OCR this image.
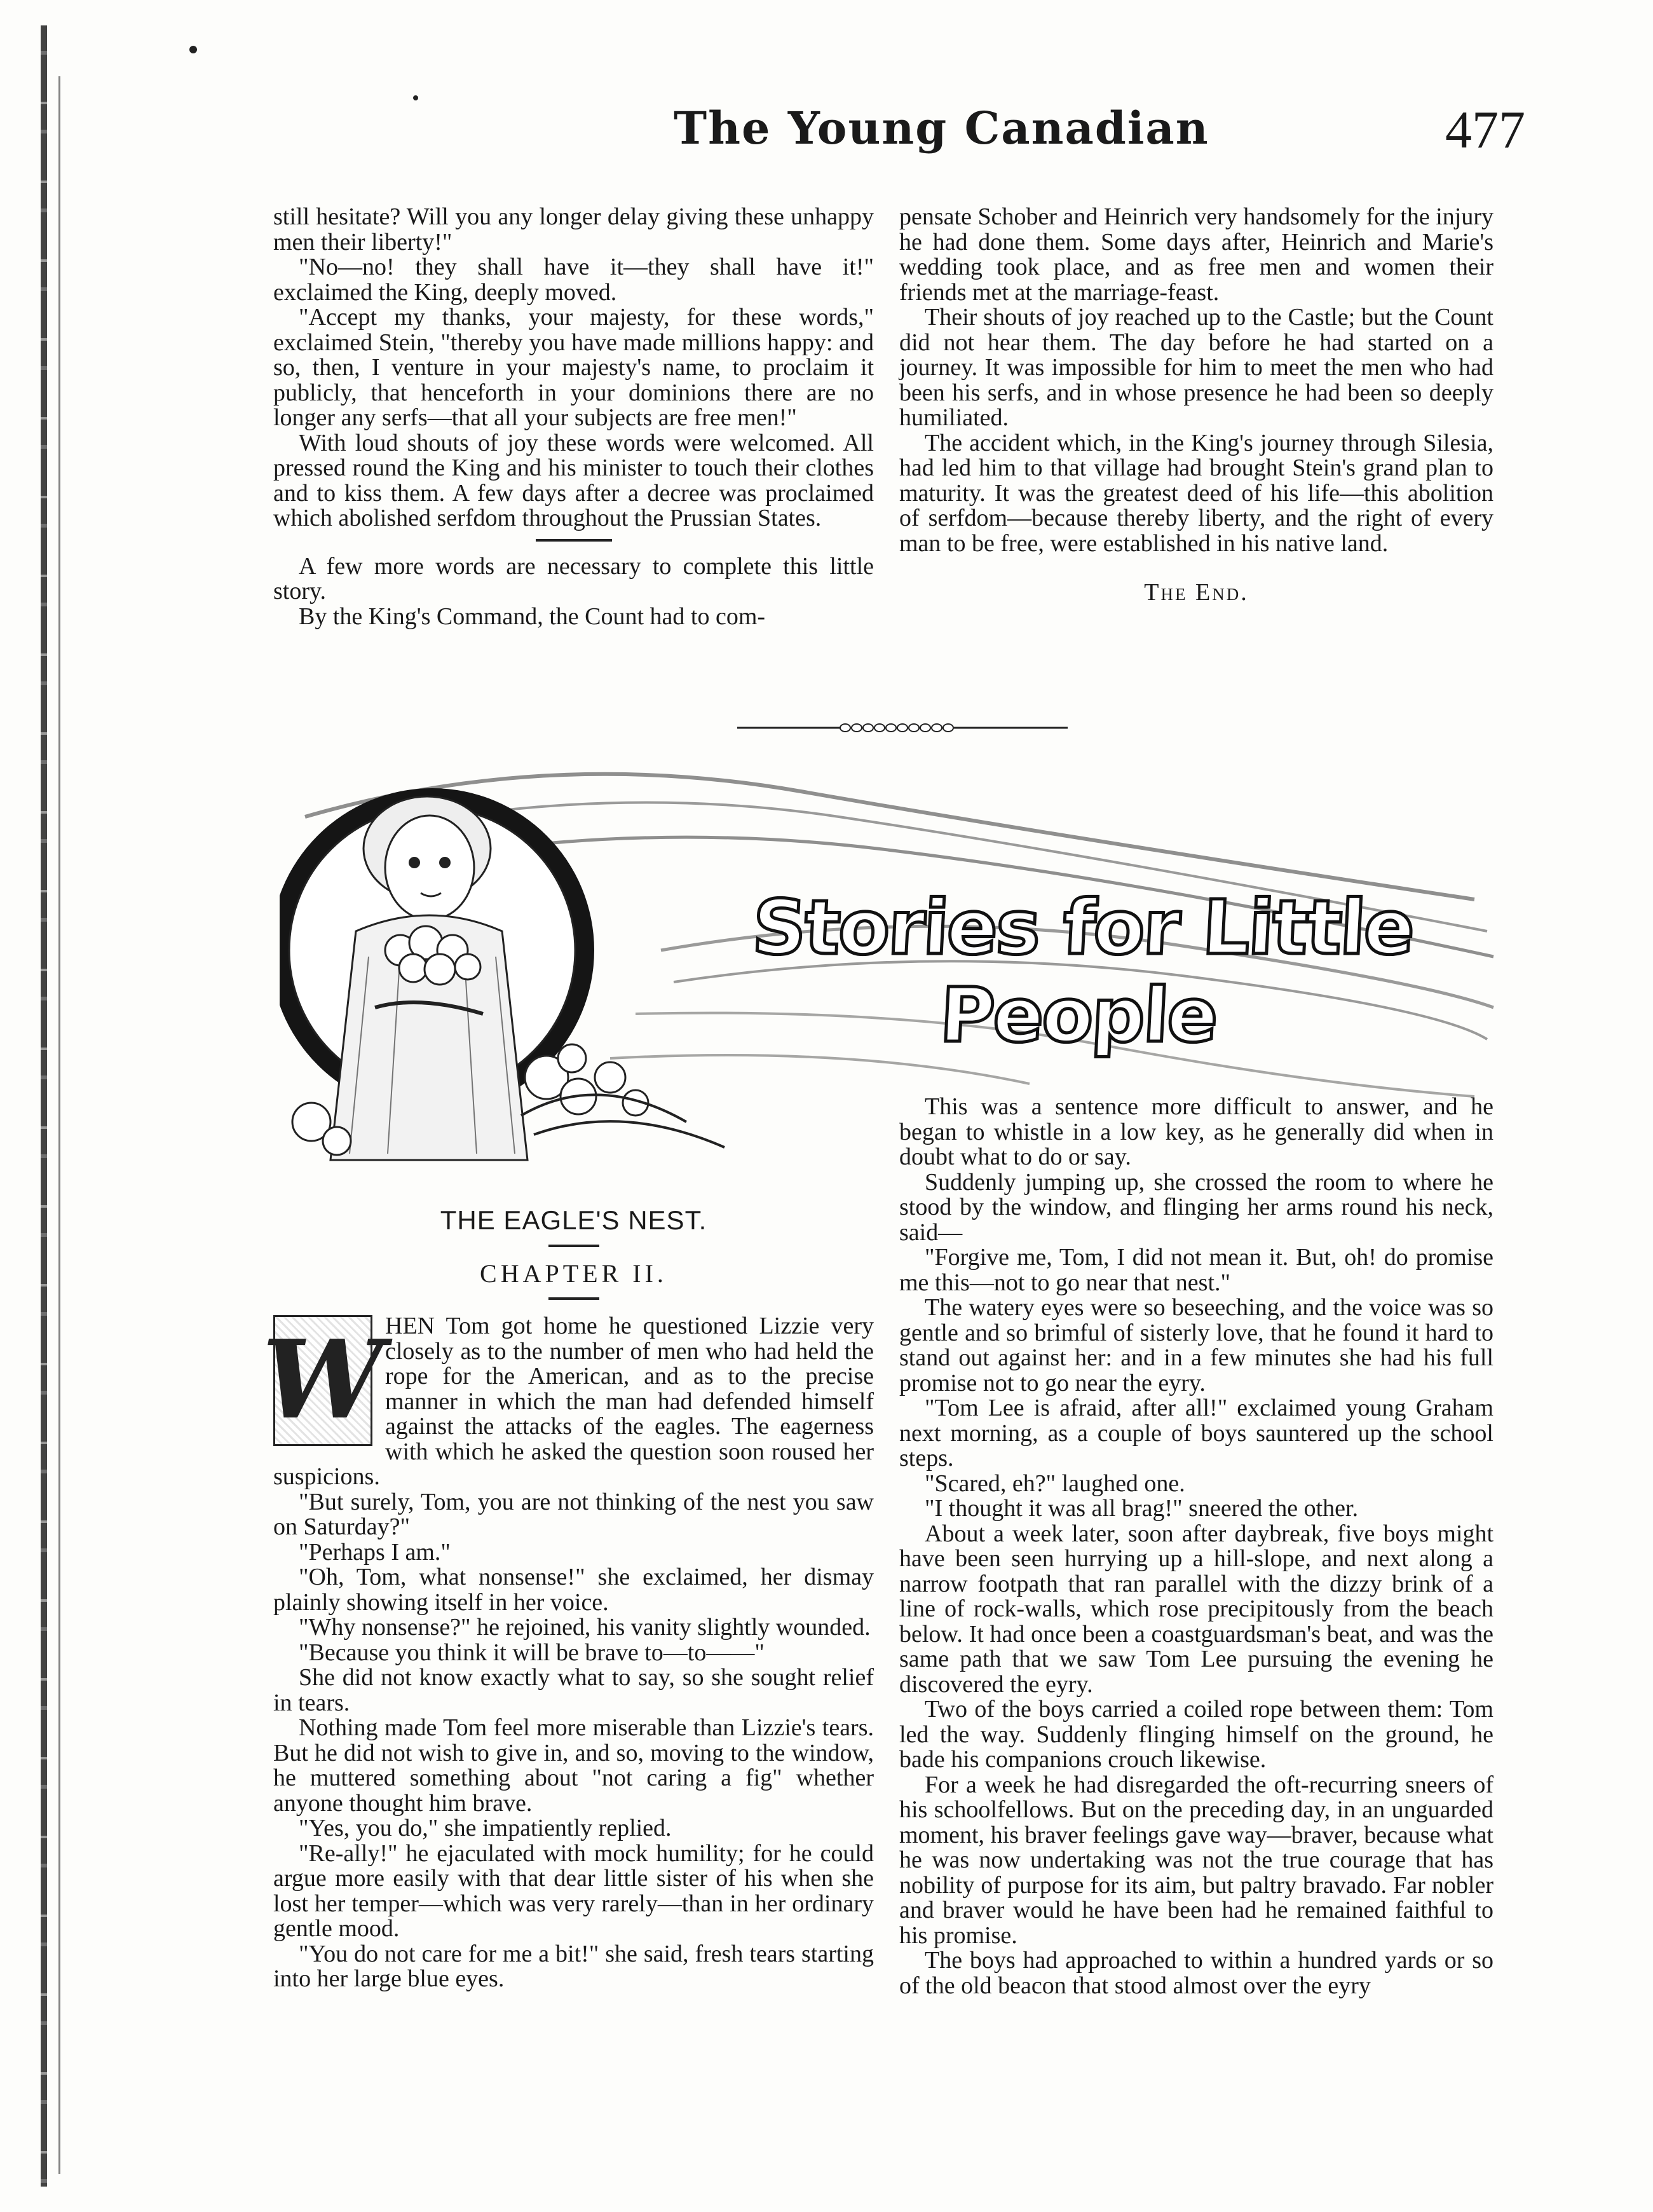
The Young Canadian	477

still hesitate? Will you any longer delay giving these unhappy men their liberty!"

"No—no! they shall have it—they shall have it!" exclaimed the King, deeply moved.

"Accept my thanks, your majesty, for these words," exclaimed Stein, "thereby you have made millions happy: and so, then, I venture in your majesty's name, to proclaim it publicly, that henceforth in your dominions there are no longer any serfs—that all your subjects are free men!"

With loud shouts of joy these words were welcomed. All pressed round the King and his minister to touch their clothes and to kiss them. A few days after a decree was proclaimed which abolished serfdom throughout the Prussian States.

A few more words are necessary to complete this little story.

By the King's Command, the Count had to com-

pensate Schober and Heinrich very handsomely for the injury he had done them. Some days after, Heinrich and Marie's wedding took place, and as free men and women their friends met at the marriage-feast.

Their shouts of joy reached up to the Castle; but the Count did not hear them. The day before he had started on a journey. It was impossible for him to meet the men who had been his serfs, and in whose presence he had been so deeply humiliated.

The accident which, in the King's journey through Silesia, had led him to that village had brought Stein's grand plan to maturity. It was the greatest deed of his life—this abolition of serfdom—because thereby liberty, and the right of every man to be free, were established in his native land.

The End.
Stories for Little People
THE EAGLE'S NEST.
CHAPTER II.
W HEN Tom got home he questioned Lizzie very closely as to the number of men who had held the rope for the American, and as to the precise manner in which the man had defended himself against the attacks of the eagles. The eagerness with which he asked the question soon roused her suspicions.

"But surely, Tom, you are not thinking of the nest you saw on Saturday?"

"Perhaps I am."

"Oh, Tom, what nonsense!" she exclaimed, her dismay plainly showing itself in her voice.

"Why nonsense?" he rejoined, his vanity slightly wounded.

"Because you think it will be brave to—to——"

She did not know exactly what to say, so she sought relief in tears.

Nothing made Tom feel more miserable than Lizzie's tears. But he did not wish to give in, and so, moving to the window, he muttered something about "not caring a fig" whether anyone thought him brave.

"Yes, you do," she impatiently replied.

"Re-ally!" he ejaculated with mock humility; for he could argue more easily with that dear little sister of his when she lost her temper—which was very rarely—than in her ordinary gentle mood.

"You do not care for me a bit!" she said, fresh tears starting into her large blue eyes.

This was a sentence more difficult to answer, and he began to whistle in a low key, as he generally did when in doubt what to do or say.

Suddenly jumping up, she crossed the room to where he stood by the window, and flinging her arms round his neck, said—

"Forgive me, Tom, I did not mean it. But, oh! do promise me this—not to go near that nest."

The watery eyes were so beseeching, and the voice was so gentle and so brimful of sisterly love, that he found it hard to stand out against her: and in a few minutes she had his full promise not to go near the eyry.

"Tom Lee is afraid, after all!" exclaimed young Graham next morning, as a couple of boys sauntered up the school steps.

"Scared, eh?" laughed one.

"I thought it was all brag!" sneered the other.

About a week later, soon after daybreak, five boys might have been seen hurrying up a hill-slope, and next along a narrow footpath that ran parallel with the dizzy brink of a line of rock-walls, which rose precipitously from the beach below. It had once been a coastguardsman's beat, and was the same path that we saw Tom Lee pursuing the evening he discovered the eyry.

Two of the boys carried a coiled rope between them: Tom led the way. Suddenly flinging himself on the ground, he bade his companions crouch likewise.

For a week he had disregarded the oft-recurring sneers of his schoolfellows. But on the preceding day, in an unguarded moment, his braver feelings gave way—braver, because what he was now undertaking was not the true courage that has nobility of purpose for its aim, but paltry bravado. Far nobler and braver would he have been had he remained faithful to his promise.

The boys had approached to within a hundred yards or so of the old beacon that stood almost over the eyry
